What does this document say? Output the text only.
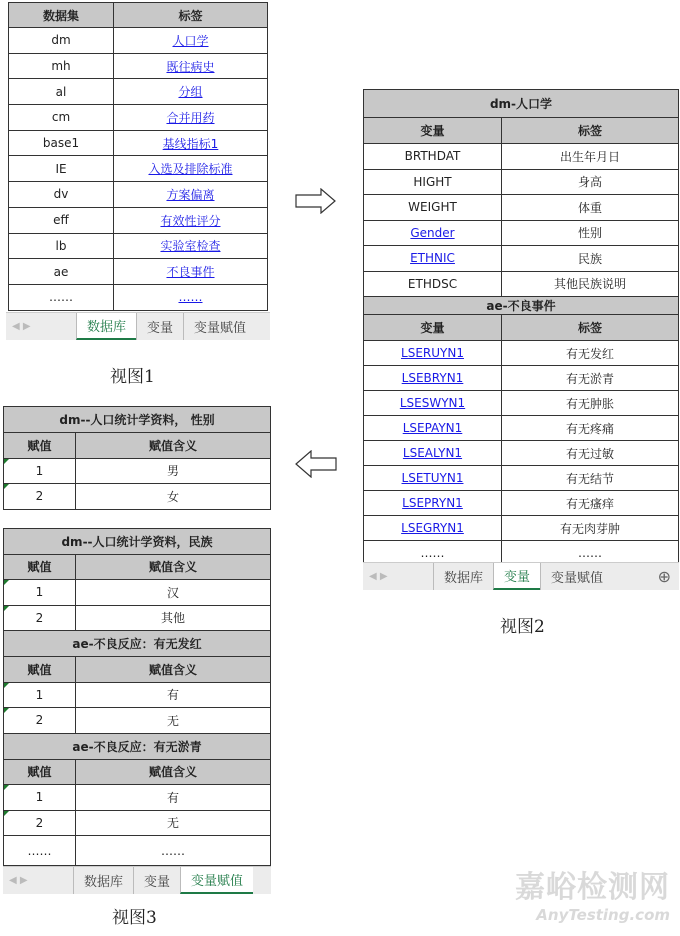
数据集	标签
dm	人口学
mh	既往病史
al	分组
cm	合并用药
base1	基线指标1
IE	入选及排除标准
dv	方案偏离
eff	有效性评分
lb	实验室检查
ae	不良事件
……	……
◀ ▶	数据库	变量	变量赋值
视图1
dm-人口学	
变量	标签
BRTHDAT	出生年月日
HIGHT	身高
WEIGHT	体重
Gender	性别
ETHNIC	民族
ETHDSC	其他民族说明
ae-不良事件	
变量	标签
LSERUYN1	有无发红
LSEBRYN1	有无淤青
LSESWYN1	有无肿胀
LSEPAYN1	有无疼痛
LSEALYN1	有无过敏
LSETUYN1	有无结节
LSEPRYN1	有无瘙痒
LSEGRYN1	有无肉芽肿
……	……
◀ ▶	数据库	变量	变量赋值	⊕
视图2
dm--人口统计学资料， 性别	
赋值	赋值含义
1	男
2	女

dm--人口统计学资料，民族	
赋值	赋值含义
1	汉
2	其他
ae-不良反应：有无发红	
赋值	赋值含义
1	有
2	无
ae-不良反应：有无淤青	
赋值	赋值含义
1	有
2	无
……	……
◀ ▶	数据库	变量	变量赋值
视图3
嘉峪检测网
AnyTesting.com
